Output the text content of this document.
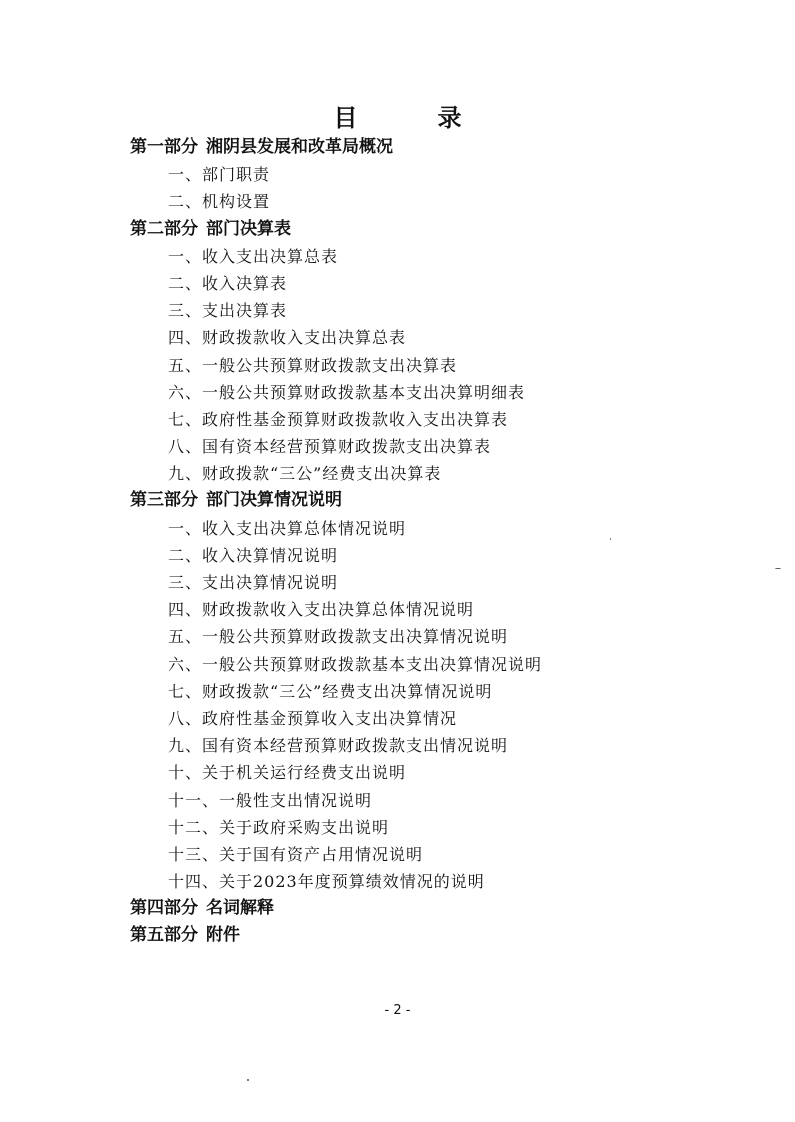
目　录
第一部分 湘阴县发展和改革局概况
一、部门职责
二、机构设置
第二部分 部门决算表
一、收入支出决算总表
二、收入决算表
三、支出决算表
四、财政拨款收入支出决算总表
五、一般公共预算财政拨款支出决算表
六、一般公共预算财政拨款基本支出决算明细表
七、政府性基金预算财政拨款收入支出决算表
八、国有资本经营预算财政拨款支出决算表
九、财政拨款“三公”经费支出决算表
第三部分 部门决算情况说明
一、收入支出决算总体情况说明
二、收入决算情况说明
三、支出决算情况说明
四、财政拨款收入支出决算总体情况说明
五、一般公共预算财政拨款支出决算情况说明
六、一般公共预算财政拨款基本支出决算情况说明
七、财政拨款“三公”经费支出决算情况说明
八、政府性基金预算收入支出决算情况
九、国有资本经营预算财政拨款支出情况说明
十、关于机关运行经费支出说明
十一、一般性支出情况说明
十二、关于政府采购支出说明
十三、关于国有资产占用情况说明
十四、关于2023年度预算绩效情况的说明
第四部分 名词解释
第五部分 附件
- 2 -
